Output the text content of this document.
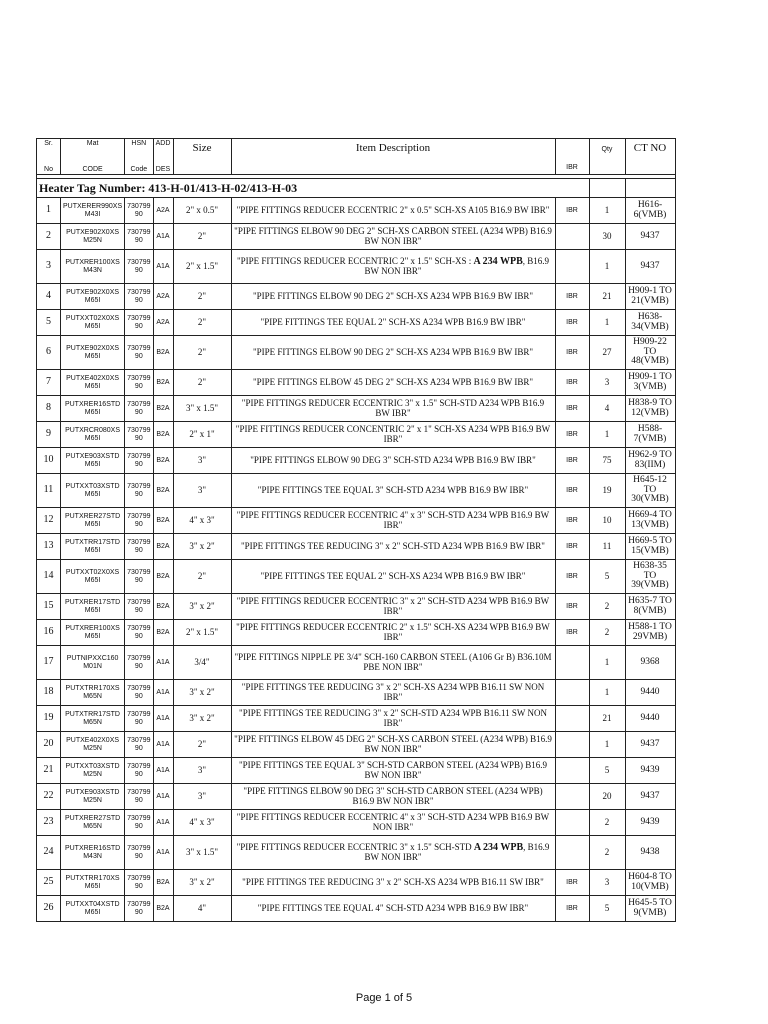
Sr.
No	Mat
CODE	HSN
Code	ADD
DES	Size	Item Description	IBR	Qty	CT NO

Heater Tag Number: 413-H-01/413-H-02/413-H-03								
1	PUTXERER990XS
M43I	730799
90	A2A	2" x 0.5"	"PIPE FITTINGS REDUCER ECCENTRIC 2" x 0.5" SCH-XS A105 B16.9 BW IBR"	IBR	1	H616-6(VMB)
2	PUTXE902X0XS
M25N	730799
90	A1A	2"	"PIPE FITTINGS ELBOW 90 DEG 2" SCH-XS CARBON STEEL (A234 WPB) B16.9 BW NON IBR"		30	9437
3	PUTXRER100XS
M43N	730799
90	A1A	2" x 1.5"	"PIPE FITTINGS REDUCER ECCENTRIC 2" x 1.5" SCH-XS : A 234 WPB, B16.9 BW NON IBR"		1	9437
4	PUTXE902X0XS
M65I	730799
90	A2A	2"	"PIPE FITTINGS ELBOW 90 DEG 2" SCH-XS A234 WPB B16.9 BW IBR"	IBR	21	H909-1 TO 21(VMB)
5	PUTXXT02X0XS
M65I	730799
90	A2A	2"	"PIPE FITTINGS TEE EQUAL 2" SCH-XS A234 WPB B16.9 BW IBR"	IBR	1	H638-34(VMB)
6	PUTXE902X0XS
M65I	730799
90	B2A	2"	"PIPE FITTINGS ELBOW 90 DEG 2" SCH-XS A234 WPB B16.9 BW IBR"	IBR	27	H909-22 TO 48(VMB)
7	PUTXE402X0XS
M65I	730799
90	B2A	2"	"PIPE FITTINGS ELBOW 45 DEG 2" SCH-XS A234 WPB B16.9 BW IBR"	IBR	3	H909-1 TO 3(VMB)
8	PUTXRER16STD
M65I	730799
90	B2A	3" x 1.5"	"PIPE FITTINGS REDUCER ECCENTRIC 3" x 1.5" SCH-STD A234 WPB B16.9 BW IBR"	IBR	4	H838-9 TO 12(VMB)
9	PUTXRCR080XS
M65I	730799
90	B2A	2" x 1"	"PIPE FITTINGS REDUCER CONCENTRIC 2" x 1" SCH-XS A234 WPB B16.9 BW IBR"	IBR	1	H588-7(VMB)
10	PUTXE903XSTD
M65I	730799
90	B2A	3"	"PIPE FITTINGS ELBOW 90 DEG 3" SCH-STD A234 WPB B16.9 BW IBR"	IBR	75	H962-9 TO 83(IIM)
11	PUTXXT03XSTD
M65I	730799
90	B2A	3"	"PIPE FITTINGS TEE EQUAL 3" SCH-STD A234 WPB B16.9 BW IBR"	IBR	19	H645-12 TO 30(VMB)
12	PUTXRER27STD
M65I	730799
90	B2A	4" x 3"	"PIPE FITTINGS REDUCER ECCENTRIC 4" x 3" SCH-STD A234 WPB B16.9 BW IBR"	IBR	10	H669-4 TO 13(VMB)
13	PUTXTRR17STD
M65I	730799
90	B2A	3" x 2"	"PIPE FITTINGS TEE REDUCING 3" x 2" SCH-STD A234 WPB B16.9 BW IBR"	IBR	11	H669-5 TO 15(VMB)
14	PUTXXT02X0XS
M65I	730799
90	B2A	2"	"PIPE FITTINGS TEE EQUAL 2" SCH-XS A234 WPB B16.9 BW IBR"	IBR	5	H638-35 TO 39(VMB)
15	PUTXRER17STD
M65I	730799
90	B2A	3" x 2"	"PIPE FITTINGS REDUCER ECCENTRIC 3" x 2" SCH-STD A234 WPB B16.9 BW IBR"	IBR	2	H635-7 TO 8(VMB)
16	PUTXRER100XS
M65I	730799
90	B2A	2" x 1.5"	"PIPE FITTINGS REDUCER ECCENTRIC 2" x 1.5" SCH-XS A234 WPB B16.9 BW IBR"	IBR	2	H588-1 TO 29VMB)
17	PUTNIPXXC160
M01N	730799
90	A1A	3/4"	"PIPE FITTINGS NIPPLE PE 3/4" SCH-160 CARBON STEEL (A106 Gr B) B36.10M PBE NON IBR"		1	9368
18	PUTXTRR170XS
M65N	730799
90	A1A	3" x 2"	"PIPE FITTINGS TEE REDUCING 3" x 2" SCH-XS A234 WPB B16.11 SW NON IBR"		1	9440
19	PUTXTRR17STD
M65N	730799
90	A1A	3" x 2"	"PIPE FITTINGS TEE REDUCING 3" x 2" SCH-STD A234 WPB B16.11 SW NON IBR"		21	9440
20	PUTXE402X0XS
M25N	730799
90	A1A	2"	"PIPE FITTINGS ELBOW 45 DEG 2" SCH-XS CARBON STEEL (A234 WPB) B16.9 BW NON IBR"		1	9437
21	PUTXXT03XSTD
M25N	730799
90	A1A	3"	"PIPE FITTINGS TEE EQUAL 3" SCH-STD CARBON STEEL (A234 WPB) B16.9 BW NON IBR"		5	9439
22	PUTXE903XSTD
M25N	730799
90	A1A	3"	"PIPE FITTINGS ELBOW 90 DEG 3" SCH-STD CARBON STEEL (A234 WPB) B16.9 BW NON IBR"		20	9437
23	PUTXRER27STD
M65N	730799
90	A1A	4" x 3"	"PIPE FITTINGS REDUCER ECCENTRIC 4" x 3" SCH-STD A234 WPB B16.9 BW NON IBR"		2	9439
24	PUTXRER16STD
M43N	730799
90	A1A	3" x 1.5"	"PIPE FITTINGS REDUCER ECCENTRIC 3" x 1.5" SCH-STD A 234 WPB, B16.9 BW NON IBR"		2	9438
25	PUTXTRR170XS
M65I	730799
90	B2A	3" x 2"	"PIPE FITTINGS TEE REDUCING 3" x 2" SCH-XS A234 WPB B16.11 SW IBR"	IBR	3	H604-8 TO 10(VMB)
26	PUTXXT04XSTD
M65I	730799
90	B2A	4"	"PIPE FITTINGS TEE EQUAL 4" SCH-STD A234 WPB B16.9 BW IBR"	IBR	5	H645-5 TO 9(VMB)
Page 1 of 5
